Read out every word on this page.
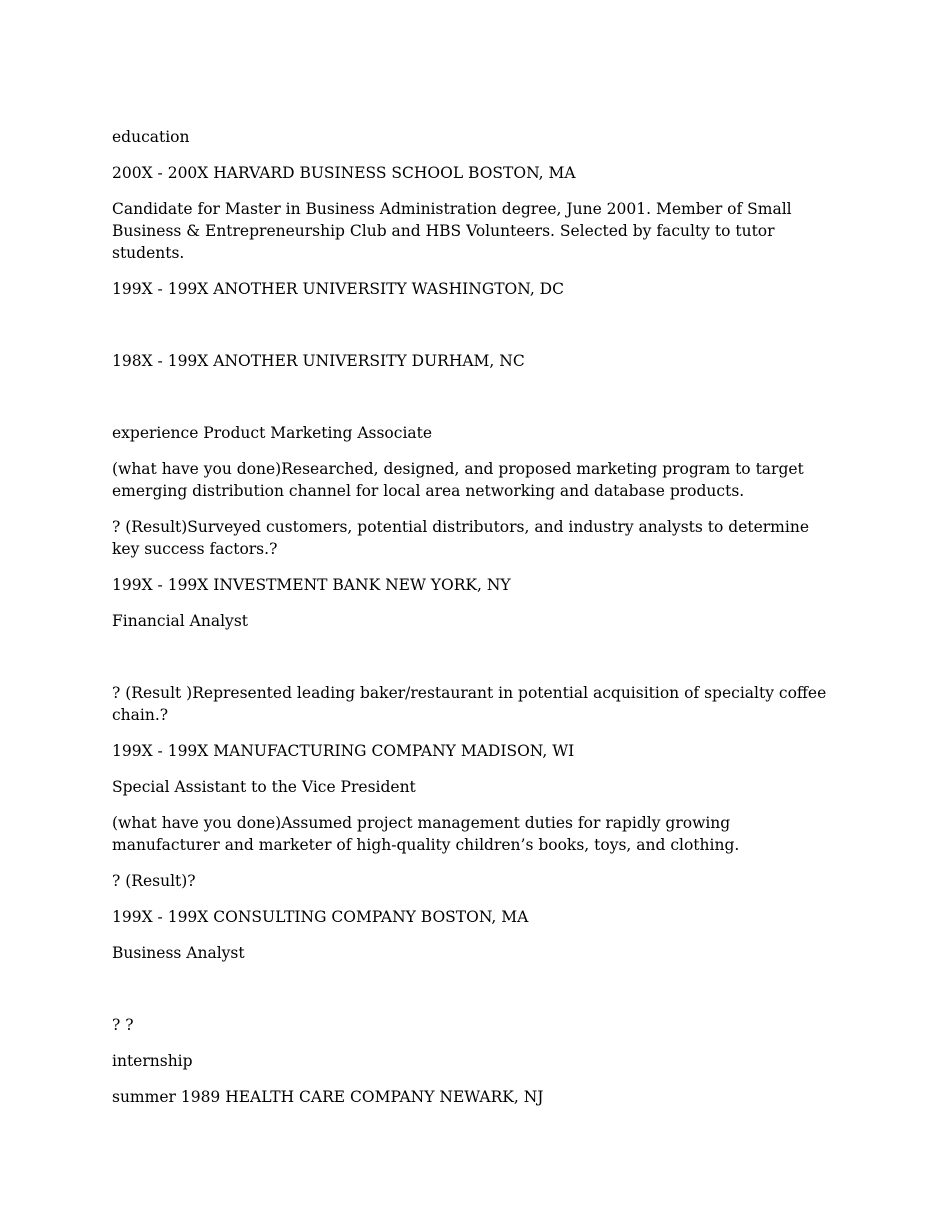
education

200X - 200X HARVARD BUSINESS SCHOOL BOSTON, MA

Candidate for Master in Business Administration degree, June 2001. Member of Small Business & Entrepreneurship Club and HBS Volunteers. Selected by faculty to tutor students.

199X - 199X ANOTHER UNIVERSITY WASHINGTON, DC

198X - 199X ANOTHER UNIVERSITY DURHAM, NC

experience Product Marketing Associate

(what have you done)Researched, designed, and proposed marketing program to target emerging distribution channel for local area networking and database products.

? (Result)Surveyed customers, potential distributors, and industry analysts to determine key success factors.?

199X - 199X INVESTMENT BANK NEW YORK, NY

Financial Analyst

? (Result )Represented leading baker/restaurant in potential acquisition of specialty coffee chain.?

199X - 199X MANUFACTURING COMPANY MADISON, WI

Special Assistant to the Vice President

(what have you done)Assumed project management duties for rapidly growing manufacturer and marketer of high-quality children’s books, toys, and clothing.

? (Result)?

199X - 199X CONSULTING COMPANY BOSTON, MA

Business Analyst

? ?

internship

summer 1989 HEALTH CARE COMPANY NEWARK, NJ
